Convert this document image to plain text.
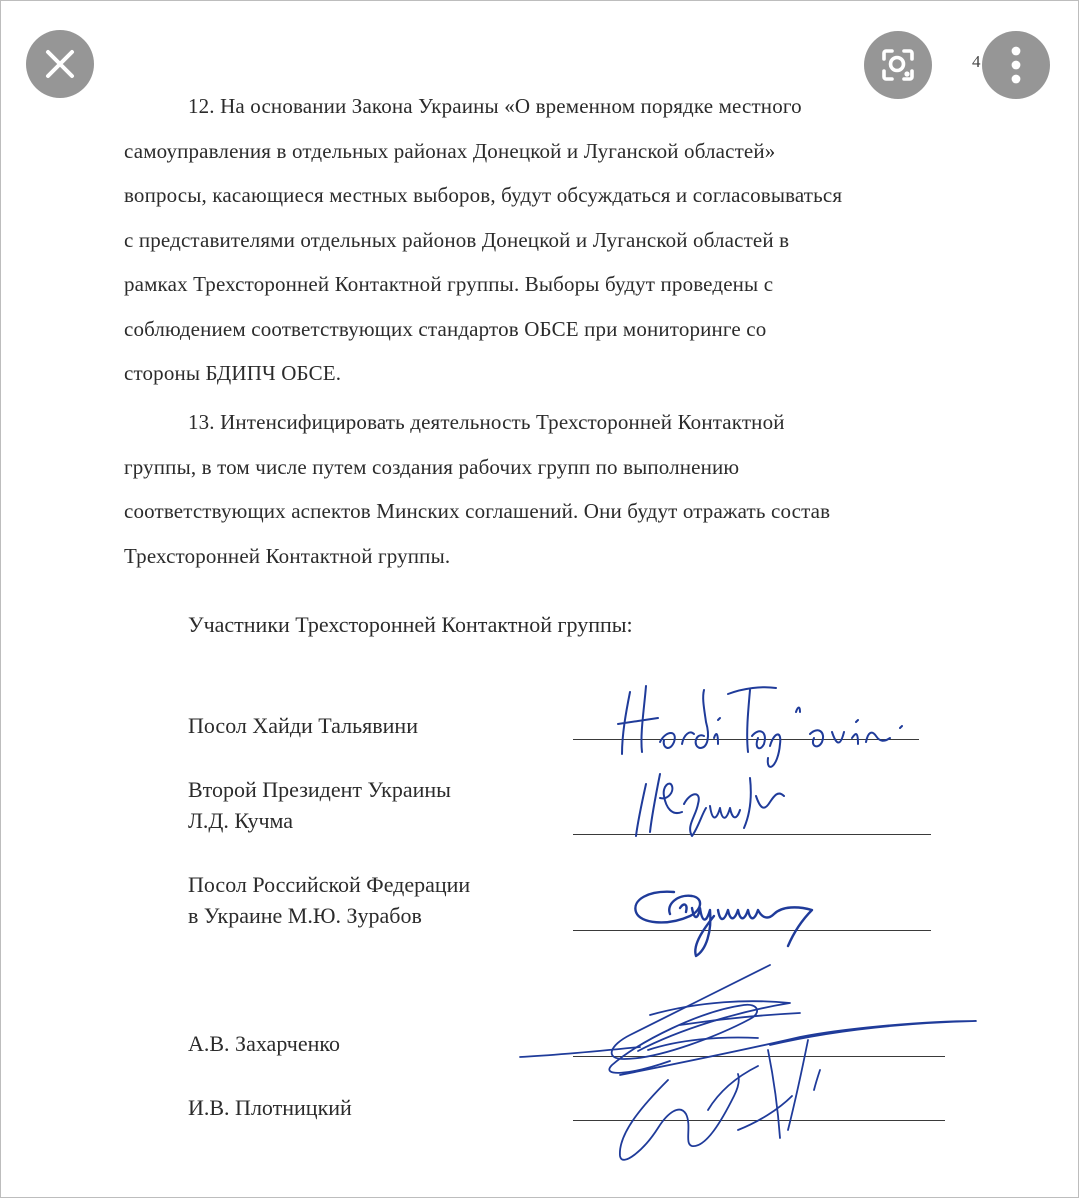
4
12. На основании Закона Украины «О временном порядке местного
самоуправления в отдельных районах Донецкой и Луганской областей»
вопросы, касающиеся местных выборов, будут обсуждаться и согласовываться
с представителями отдельных районов Донецкой и Луганской областей в
рамках Трехсторонней Контактной группы. Выборы будут проведены с
соблюдением соответствующих стандартов ОБСЕ при мониторинге со
стороны БДИПЧ ОБСЕ.
13. Интенсифицировать деятельность Трехсторонней Контактной
группы, в том числе путем создания рабочих групп по выполнению
соответствующих аспектов Минских соглашений. Они будут отражать состав
Трехсторонней Контактной группы.
Участники Трехсторонней Контактной группы:
Посол Хайди Тальявини
Второй Президент Украины
Л.Д. Кучма
Посол Российской Федерации
в Украине М.Ю. Зурабов
А.В. Захарченко
И.В. Плотницкий
